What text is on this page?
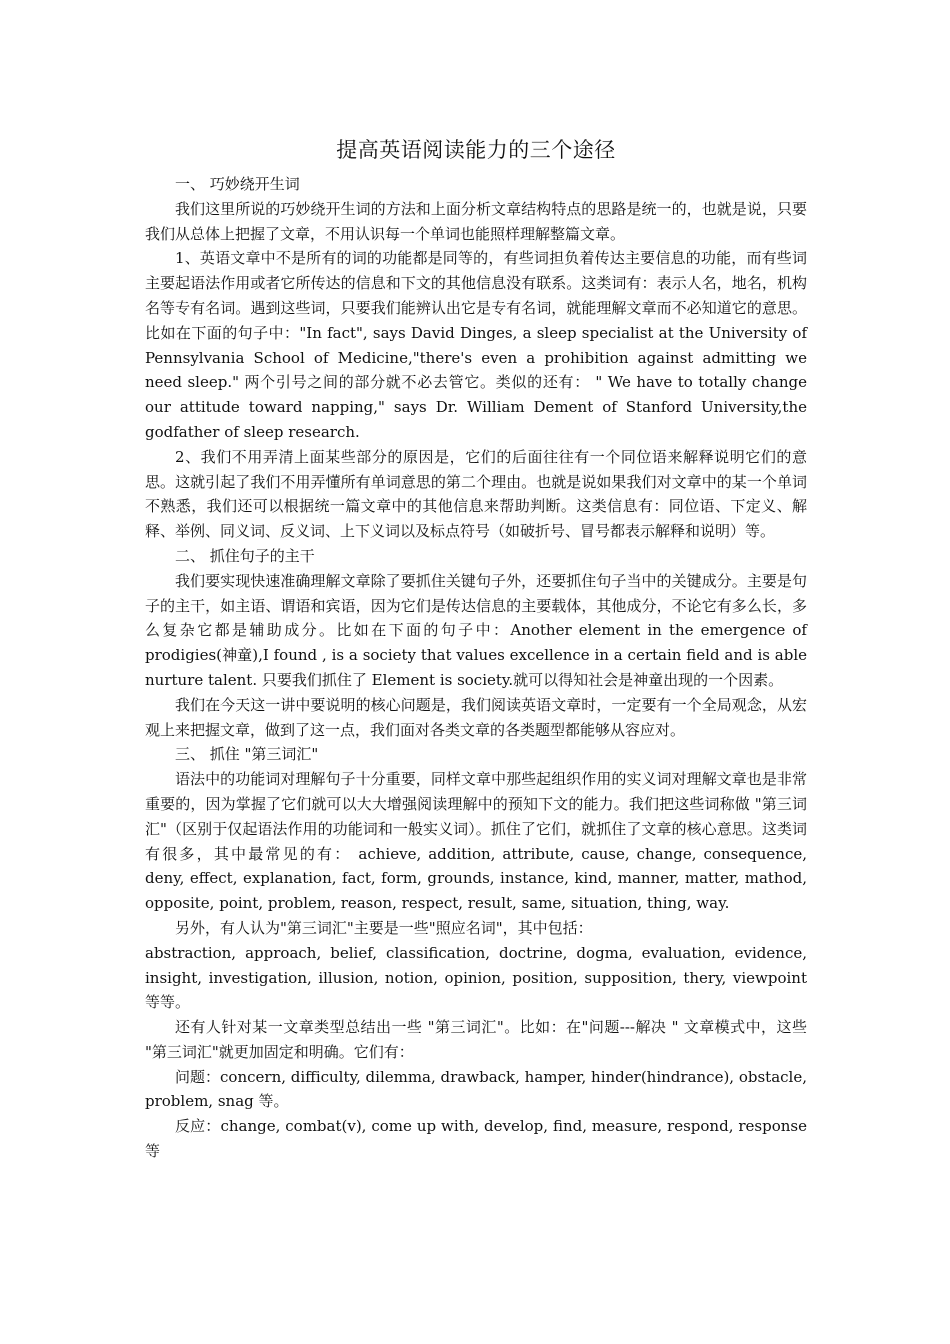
提高英语阅读能力的三个途径

一、 巧妙绕开生词

我们这里所说的巧妙绕开生词的方法和上面分析文章结构特点的思路是统一的，也就是说，只要我们从总体上把握了文章，不用认识每一个单词也能照样理解整篇文章。

1、英语文章中不是所有的词的功能都是同等的，有些词担负着传达主要信息的功能，而有些词主要起语法作用或者它所传达的信息和下文的其他信息没有联系。这类词有：表示人名，地名，机构名等专有名词。遇到这些词，只要我们能辨认出它是专有名词，就能理解文章而不必知道它的意思。比如在下面的句子中："In fact", says David Dinges, a sleep specialist at the University of Pennsylvania School of Medicine,"there's even a prohibition against admitting we need sleep." 两个引号之间的部分就不必去管它。类似的还有： " We have to totally change our attitude toward napping," says Dr. William Dement of Stanford University,the godfather of sleep research.

2、我们不用弄清上面某些部分的原因是，它们的后面往往有一个同位语来解释说明它们的意思。这就引起了我们不用弄懂所有单词意思的第二个理由。也就是说如果我们对文章中的某一个单词不熟悉，我们还可以根据统一篇文章中的其他信息来帮助判断。这类信息有：同位语、下定义、解释、举例、同义词、反义词、上下义词以及标点符号（如破折号、冒号都表示解释和说明）等。

二、 抓住句子的主干

我们要实现快速准确理解文章除了要抓住关键句子外，还要抓住句子当中的关键成分。主要是句子的主干，如主语、谓语和宾语，因为它们是传达信息的主要载体，其他成分，不论它有多么长，多么复杂它都是辅助成分。比如在下面的句子中：Another element in the emergence of prodigies(神童),I found , is a society that values excellence in a certain field and is able nurture talent. 只要我们抓住了 Element is society.就可以得知社会是神童出现的一个因素。

我们在今天这一讲中要说明的核心问题是，我们阅读英语文章时，一定要有一个全局观念，从宏观上来把握文章，做到了这一点，我们面对各类文章的各类题型都能够从容应对。

三、 抓住 "第三词汇"

语法中的功能词对理解句子十分重要，同样文章中那些起组织作用的实义词对理解文章也是非常重要的，因为掌握了它们就可以大大增强阅读理解中的预知下文的能力。我们把这些词称做 "第三词汇"（区别于仅起语法作用的功能词和一般实义词）。抓住了它们，就抓住了文章的核心意思。这类词有很多，其中最常见的有： achieve, addition, attribute, cause, change, consequence, deny, effect, explanation, fact, form, grounds, instance, kind, manner, matter, mathod, opposite, point, problem, reason, respect, result, same, situation, thing, way.

另外，有人认为"第三词汇"主要是一些"照应名词"，其中包括：

abstraction, approach, belief, classification, doctrine, dogma, evaluation, evidence, insight, investigation, illusion, notion, opinion, position, supposition, thery, viewpoint 等等。

还有人针对某一文章类型总结出一些 "第三词汇"。比如：在"问题---解决 " 文章模式中，这些 "第三词汇"就更加固定和明确。它们有：

问题：concern, difficulty, dilemma, drawback, hamper, hinder(hindrance), obstacle, problem, snag 等。

反应：change, combat(v), come up with, develop, find, measure, respond, response 等
